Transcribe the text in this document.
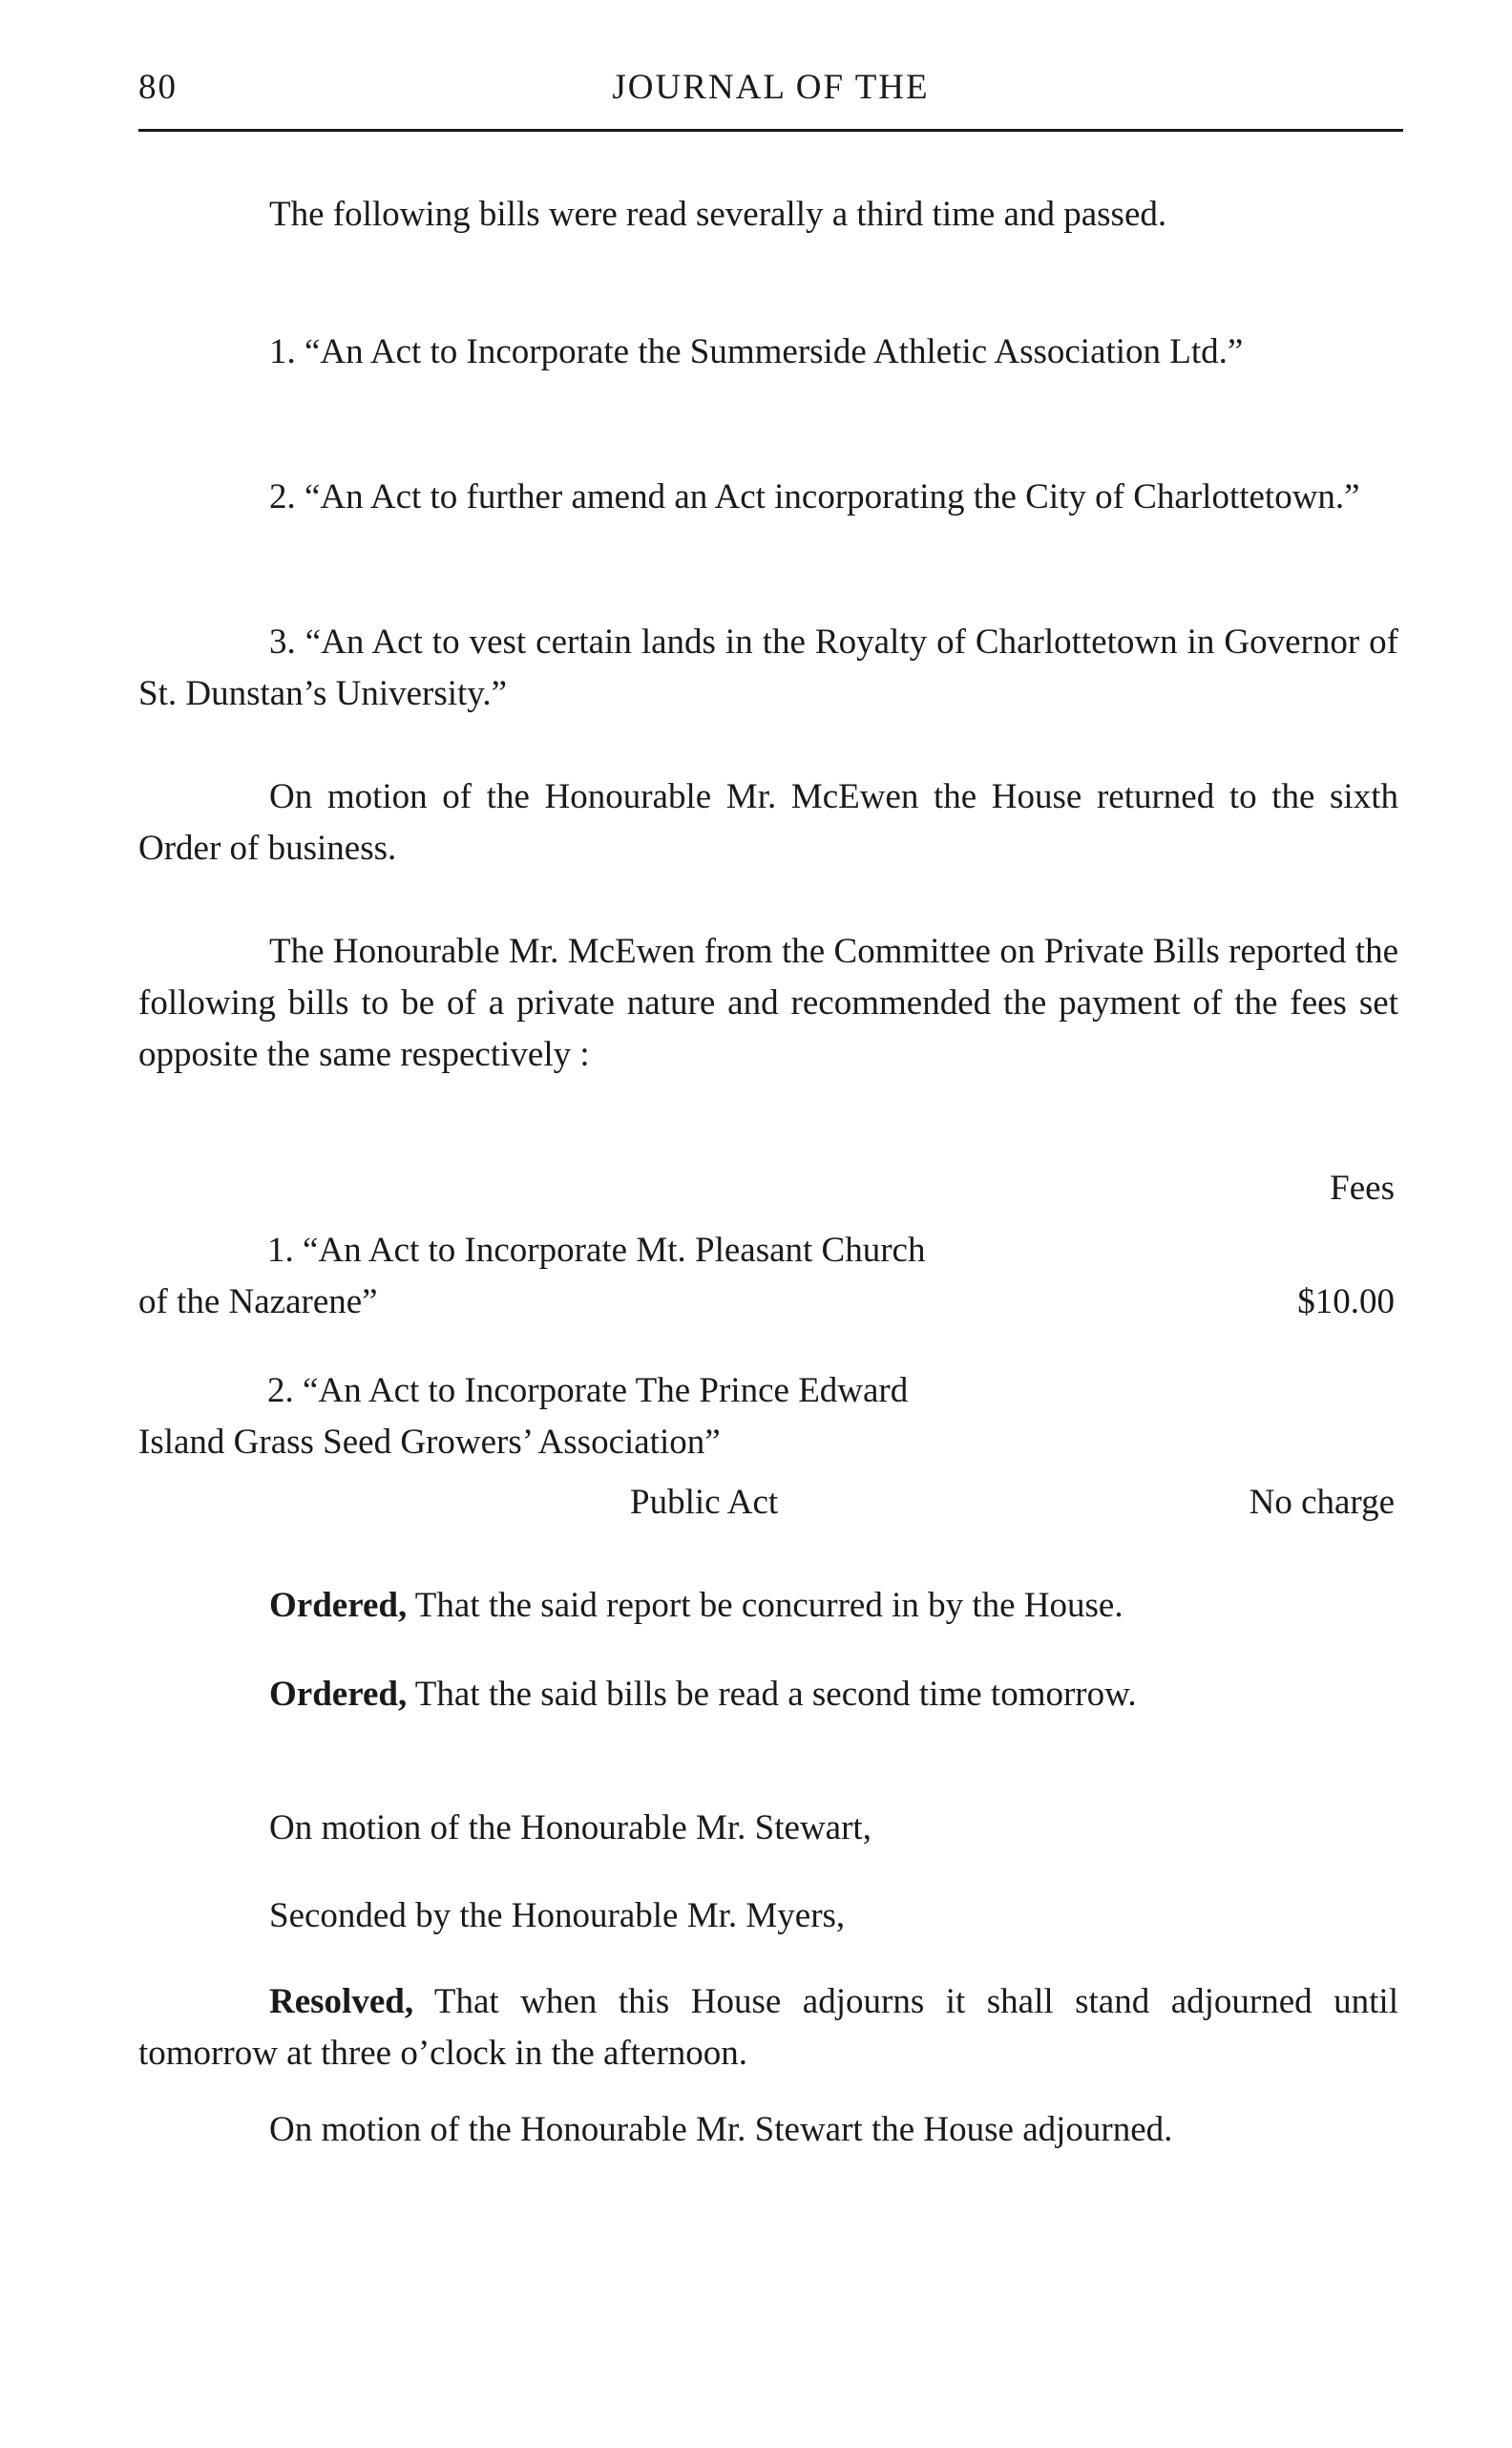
80	JOURNAL OF THE

The following bills were read severally a third time and passed.

1. “An Act to Incorporate the Summerside Athletic Association Ltd.”

2. “An Act to further amend an Act incorporating the City of Charlottetown.”

3. “An Act to vest certain lands in the Royalty of Charlottetown in Governor of St. Dunstan’s University.”

On motion of the Honourable Mr. McEwen the House returned to the sixth Order of business.

The Honourable Mr. McEwen from the Committee on Private Bills reported the following bills to be of a private nature and recommended the payment of the fees set opposite the same respectively :

Fees
1. “An Act to Incorporate Mt. Pleasant Church
of the Nazarene”	$10.00
2. “An Act to Incorporate The Prince Edward
Island Grass Seed Growers’ Association”
Public Act	No charge

Ordered, That the said report be concurred in by the House.

Ordered, That the said bills be read a second time tomorrow.

On motion of the Honourable Mr. Stewart,

Seconded by the Honourable Mr. Myers,

Resolved, That when this House adjourns it shall stand adjourned until tomorrow at three o’clock in the afternoon.

On motion of the Honourable Mr. Stewart the House adjourned.
